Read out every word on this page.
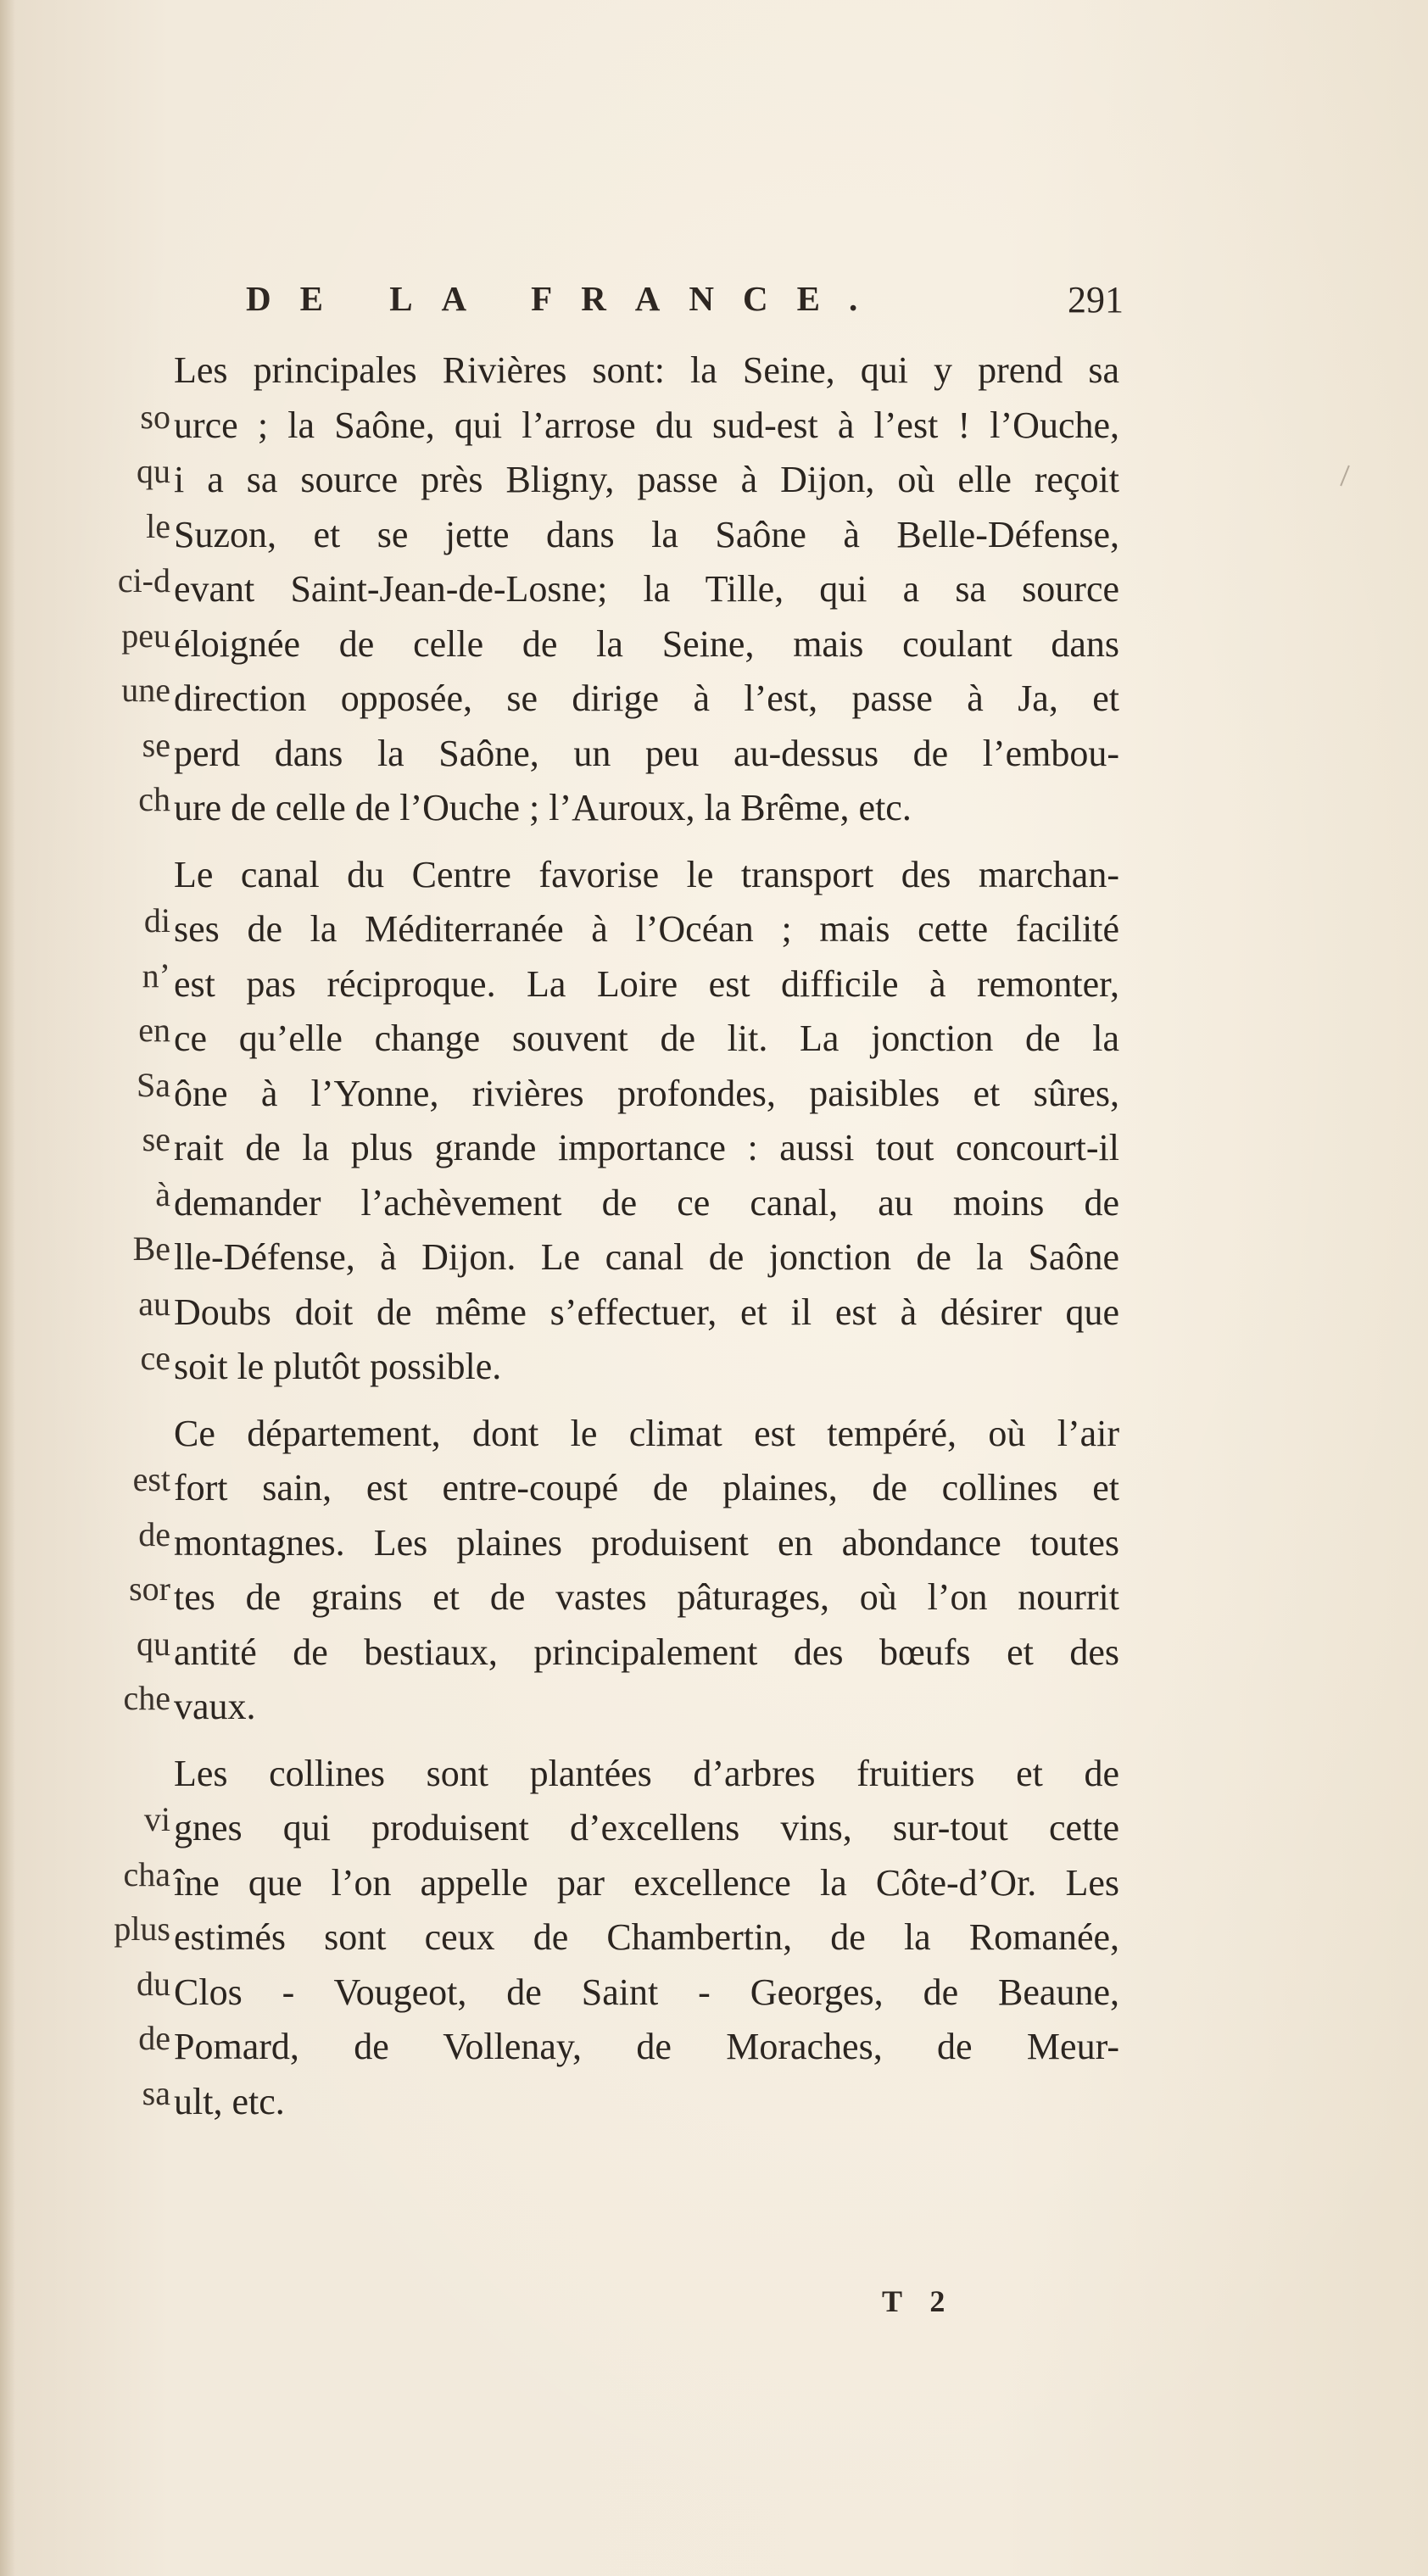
DE LA FRANCE.	291
Les principales Rivières sont: la Seine, qui y prend sa
source ; la Saône, qui l’arrose du sud-est à l’est ! l’Ouche,
qui a sa source près Bligny, passe à Dijon, où elle reçoit
leSuzon, et se jette dans la Saône à Belle-Défense,
ci-devant Saint-Jean-de-Losne; la Tille, qui a sa source
peuéloignée de celle de la Seine, mais coulant dans
unedirection opposée, se dirige à l’est, passe à Ja, et
seperd dans la Saône, un peu au-dessus de l’embou-
chure de celle de l’Ouche ; l’Auroux, la Brême, etc.
Le canal du Centre favorise le transport des marchan-
dises de la Méditerranée à l’Océan ; mais cette facilité
n’est pas réciproque. La Loire est difficile à remonter,
ence qu’elle change souvent de lit. La jonction de la
Saône à l’Yonne, rivières profondes, paisibles et sûres,
serait de la plus grande importance : aussi tout concourt-il
àdemander l’achèvement de ce canal, au moins de
Belle-Défense, à Dijon. Le canal de jonction de la Saône
auDoubs doit de même s’effectuer, et il est à désirer que
cesoit le plutôt possible.
Ce département, dont le climat est tempéré, où l’air
estfort sain, est entre-coupé de plaines, de collines et
demontagnes. Les plaines produisent en abondance toutes
sortes de grains et de vastes pâturages, où l’on nourrit
quantité de bestiaux, principalement des bœufs et des
chevaux.
Les collines sont plantées d’arbres fruitiers et de
vignes qui produisent d’excellens vins, sur-tout cette
chaîne que l’on appelle par excellence la Côte-d’Or. Les
plusestimés sont ceux de Chambertin, de la Romanée,
duClos - Vougeot, de Saint - Georges, de Beaune,
dePomard, de Vollenay, de Moraches, de Meur-
sault, etc.
T 2
